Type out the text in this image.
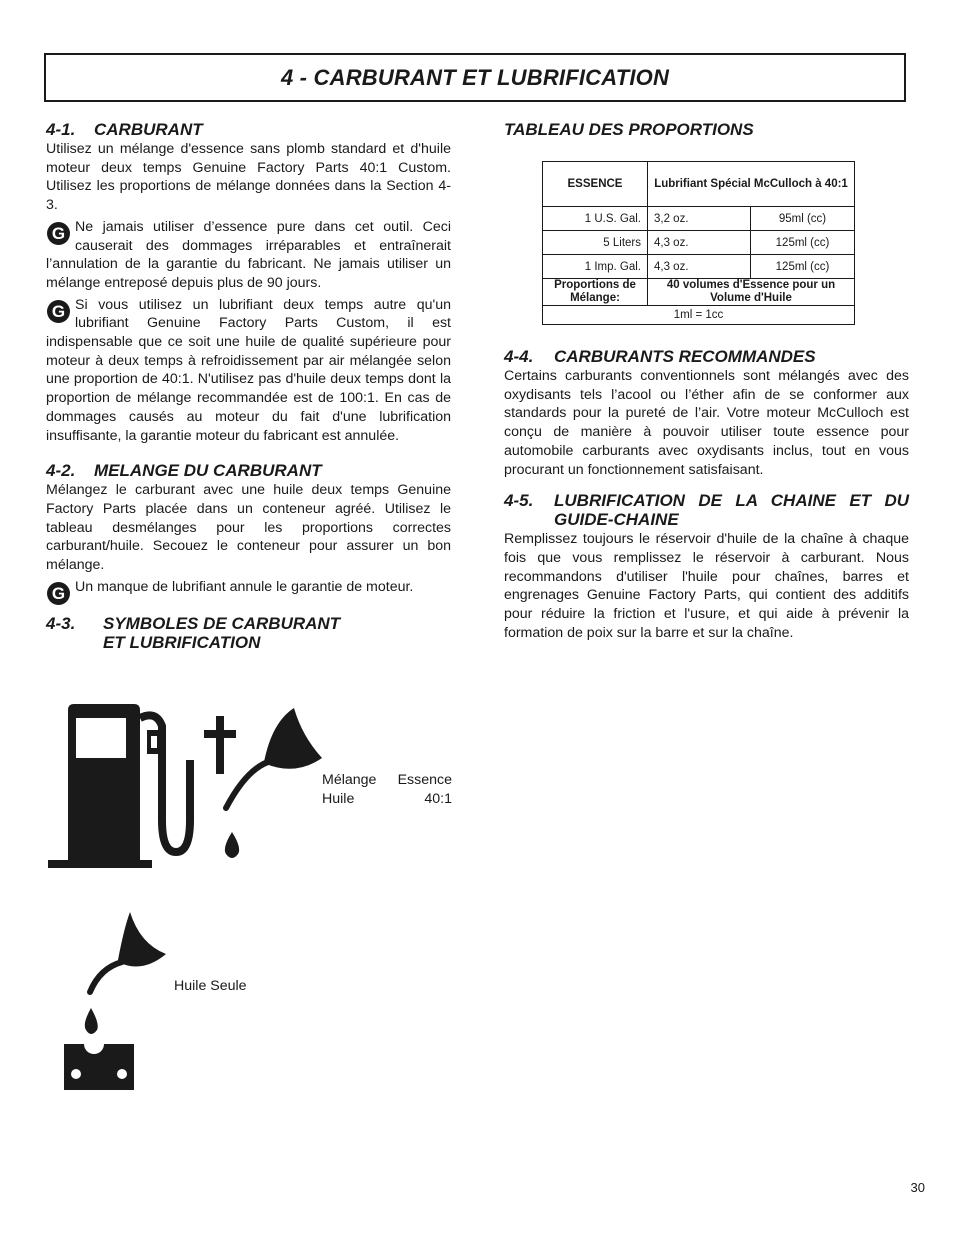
4 - CARBURANT ET LUBRIFICATION
4-1.	CARBURANT

Utilisez un mélange d'essence sans plomb standard et d'huile moteur deux temps Genuine Factory Parts 40:1 Custom. Utilisez les proportions de mélange données dans la Section 4-3.

G Ne jamais utiliser d’essence pure dans cet outil. Ceci causerait des dommages irréparables et entraînerait l’annulation de la garantie du fabricant. Ne jamais utiliser un mélange entreposé depuis plus de 90 jours.

G Si vous utilisez un lubrifiant deux temps autre qu'un lubrifiant Genuine Factory Parts Custom, il est indispensable que ce soit une huile de qualité supérieure pour moteur à deux temps à refroidissement par air mélangée selon une proportion de 40:1. N'utilisez pas d'huile deux temps dont la proportion de mélange recommandée est de 100:1. En cas de dommages causés au moteur du fait d'une lubrification insuffisante, la garantie moteur du fabricant est annulée.

4-2.	MELANGE DU CARBURANT

Mélangez le carburant avec une huile deux temps Genuine Factory Parts placée dans un conteneur agréé. Utilisez le tableau desmélanges pour les proportions correctes carburant/huile. Secouez le conteneur pour assurer un bon mélange.

G Un manque de lubrifiant annule le garantie de moteur.

4-3.	SYMBOLES DE CARBURANT
ET LUBRIFICATION
Mélange Essence Huile 40:1
Huile Seule
TABLEAU DES PROPORTIONS
ESSENCE	Lubrifiant Spécial McCulloch à 40:1	
1 U.S. Gal.	3,2 oz.	95ml (cc)
5 Liters	4,3 oz.	125ml (cc)
1 Imp. Gal.	4,3 oz.	125ml (cc)
Proportions de Mélange:	40 volumes d'Essence pour un Volume d'Huile	
1ml = 1cc		
4-4.	CARBURANTS RECOMMANDES

Certains carburants conventionnels sont mélangés avec des oxydisants tels l’acool ou l’éther afin de se conformer aux standards pour la pureté de l’air. Votre moteur McCulloch est conçu de manière à pouvoir utiliser toute essence pour automobile carburants avec oxydisants inclus, tout en vous procurant un fonctionnement satisfaisant.

4-5.	LUBRIFICATION DE LA CHAINE ET DU
GUIDE-CHAINE

Remplissez toujours le réservoir d'huile de la chaîne à chaque fois que vous remplissez le réservoir à carburant. Nous recommandons d'utiliser l'huile pour chaînes, barres et engrenages Genuine Factory Parts, qui contient des additifs pour réduire la friction et l'usure, et qui aide à prévenir la formation de poix sur la barre et sur la chaîne.

30
